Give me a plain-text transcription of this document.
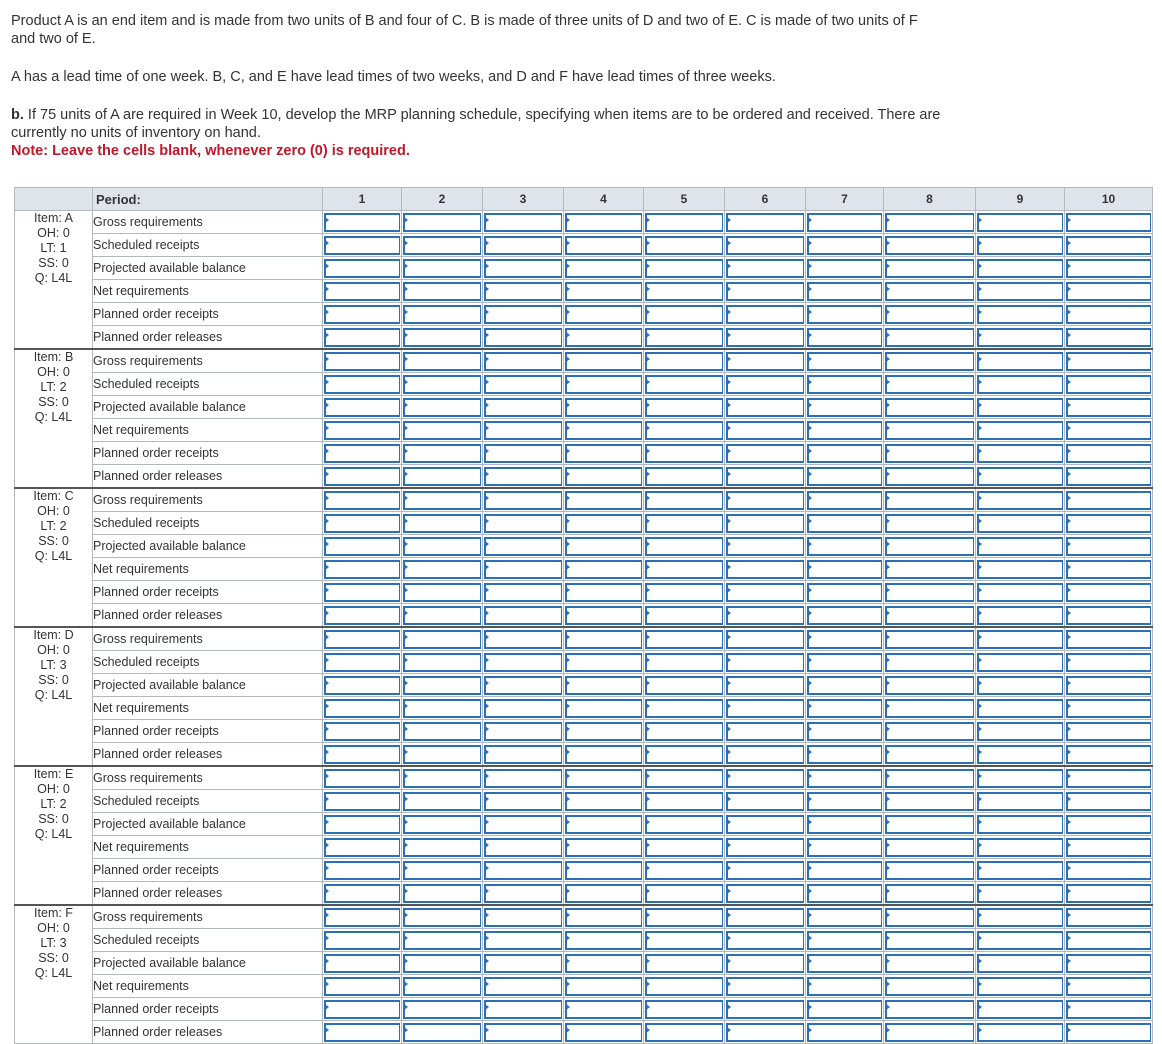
Product A is an end item and is made from two units of B and four of C. B is made of three units of D and two of E. C is made of two units of F and two of E.

A has a lead time of one week. B, C, and E have lead times of two weeks, and D and F have lead times of three weeks.

b. If 75 units of A are required in Week 10, develop the MRP planning schedule, specifying when items are to be ordered and received. There are currently no units of inventory on hand.

Note: Leave the cells blank, whenever zero (0) is required.

	Period:	1	2	3	4	5	6	7	8	9	10

Item: A
OH: 0
LT: 1
SS: 0
Q: L4L	Gross requirements	

	Scheduled receipts	

	Projected available balance	

	Net requirements	

	Planned order receipts	

	Planned order releases	

Item: B
OH: 0
LT: 2
SS: 0
Q: L4L	Gross requirements	

	Scheduled receipts	

	Projected available balance	

	Net requirements	

	Planned order receipts	

	Planned order releases	

Item: C
OH: 0
LT: 2
SS: 0
Q: L4L	Gross requirements	

	Scheduled receipts	

	Projected available balance	

	Net requirements	

	Planned order receipts	

	Planned order releases	

Item: D
OH: 0
LT: 3
SS: 0
Q: L4L	Gross requirements	

	Scheduled receipts	

	Projected available balance	

	Net requirements	

	Planned order receipts	

	Planned order releases	

Item: E
OH: 0
LT: 2
SS: 0
Q: L4L	Gross requirements	

	Scheduled receipts	

	Projected available balance	

	Net requirements	

	Planned order receipts	

	Planned order releases	

Item: F
OH: 0
LT: 3
SS: 0
Q: L4L	Gross requirements	

	Scheduled receipts	

	Projected available balance	

	Net requirements	

	Planned order receipts	

	Planned order releases	
